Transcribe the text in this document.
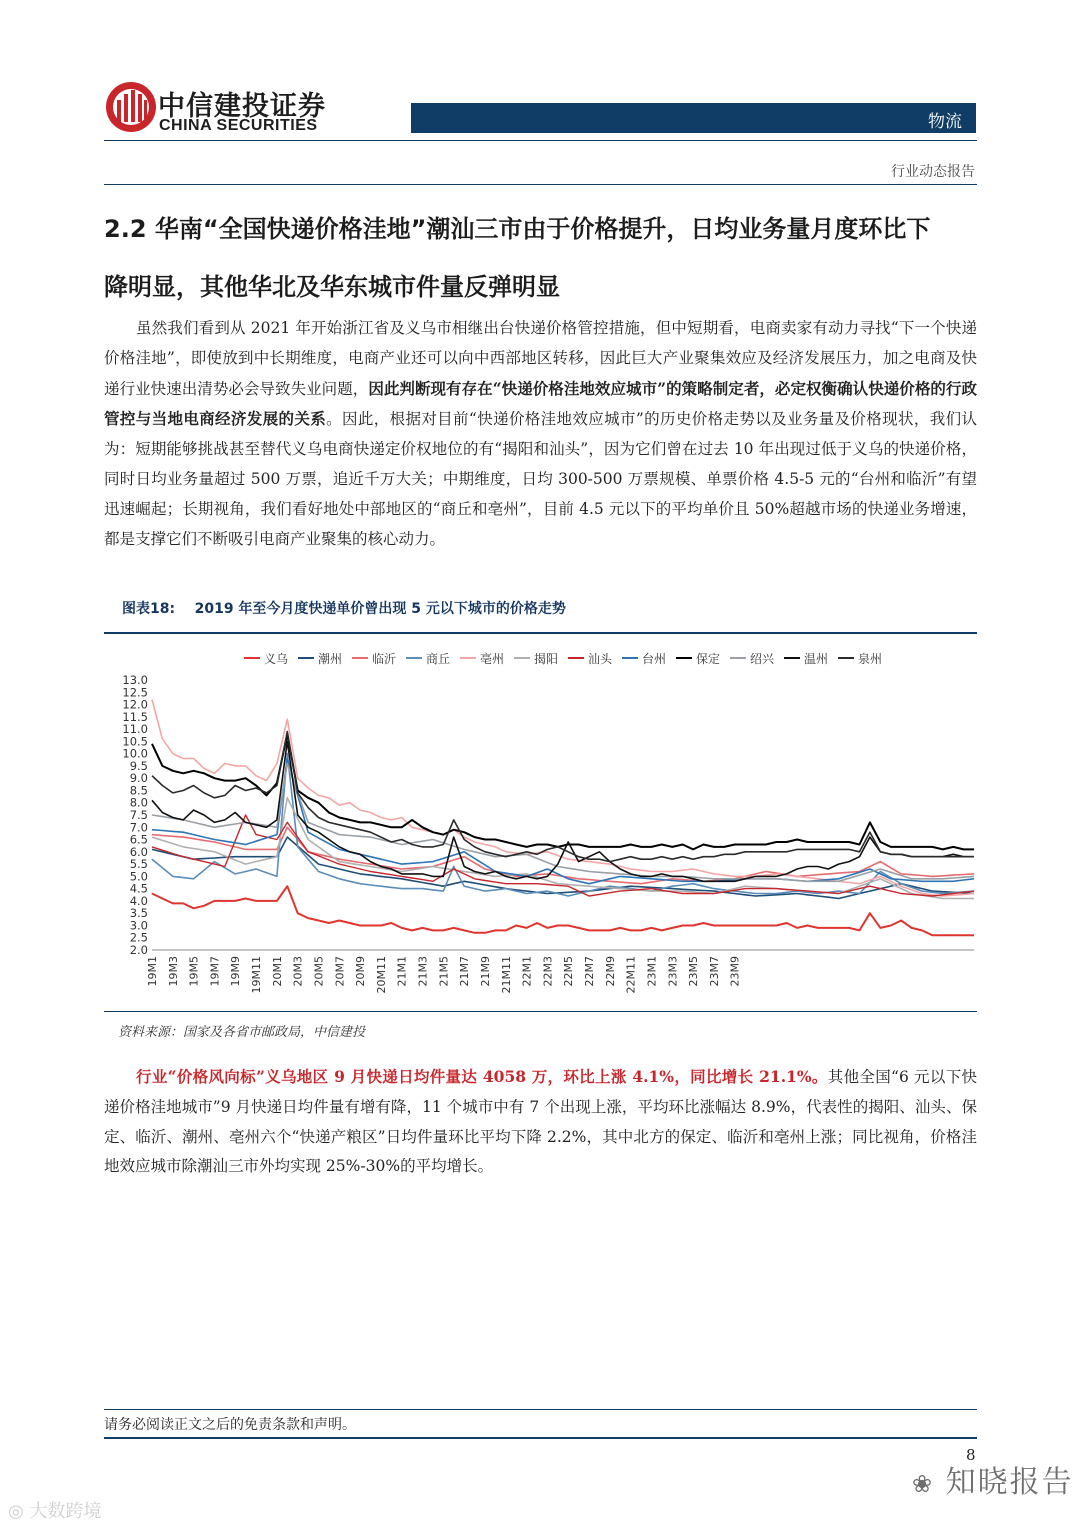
中信建投证券
CHINA SECURITIES	物流
行业动态报告
2.2 华南“全国快递价格洼地”潮汕三市由于价格提升，日均业务量月度环比下
降明显，其他华北及华东城市件量反弹明显

虽然我们看到从 2021 年开始浙江省及义乌市相继出台快递价格管控措施，但中短期看，电商卖家有动力寻找“下一个快递价格洼地”，即使放到中长期维度，电商产业还可以向中西部地区转移，因此巨大产业聚集效应及经济发展压力，加之电商及快递行业快速出清势必会导致失业问题，因此判断现有存在“快递价格洼地效应城市”的策略制定者，必定权衡确认快递价格的行政管控与当地电商经济发展的关系。因此，根据对目前“快递价格洼地效应城市”的历史价格走势以及业务量及价格现状，我们认为：短期能够挑战甚至替代义乌电商快递定价权地位的有“揭阳和汕头”，因为它们曾在过去 10 年出现过低于义乌的快递价格，同时日均业务量超过 500 万票，追近千万大关；中期维度，日均 300-500 万票规模、单票价格 4.5-5 元的“台州和临沂”有望迅速崛起；长期视角，我们看好地处中部地区的“商丘和亳州”，目前 4.5 元以下的平均单价且 50%超越市场的快递业务增速，都是支撑它们不断吸引电商产业聚集的核心动力。

图表18: 2019 年至今月度快递单价曾出现 5 元以下城市的价格走势
义乌 潮州 临沂 商丘 亳州 揭阳 汕头 台州 保定 绍兴 温州 泉州
2.0
2.5
3.0
3.5
4.0
4.5
5.0
5.5
6.0
6.5
7.0
7.5
8.0
8.5
9.0
9.5
10.0
10.5
11.0
11.5
12.0
12.5
13.0
19M1 19M3 19M5 19M7 19M9 19M11 20M1 20M3 20M5 20M7 20M9 20M11 21M1 21M3 21M5 21M7 21M9 21M11 22M1 22M3 22M5 22M7 22M9 22M11 23M1 23M3 23M5 23M7 23M9
资料来源：国家及各省市邮政局，中信建投

行业“价格风向标”义乌地区 9 月快递日均件量达 4058 万，环比上涨 4.1%，同比增长 21.1%。其他全国“6 元以下快递价格洼地城市”9 月快递日均件量有增有降，11 个城市中有 7 个出现上涨，平均环比涨幅达 8.9%，代表性的揭阳、汕头、保定、临沂、潮州、亳州六个“快递产粮区”日均件量环比平均下降 2.2%，其中北方的保定、临沂和亳州上涨；同比视角，价格洼地效应城市除潮汕三市外均实现 25%-30%的平均增长。

请务必阅读正文之后的免责条款和声明。
8
❀ 知晓报告
◎ 大数跨境
